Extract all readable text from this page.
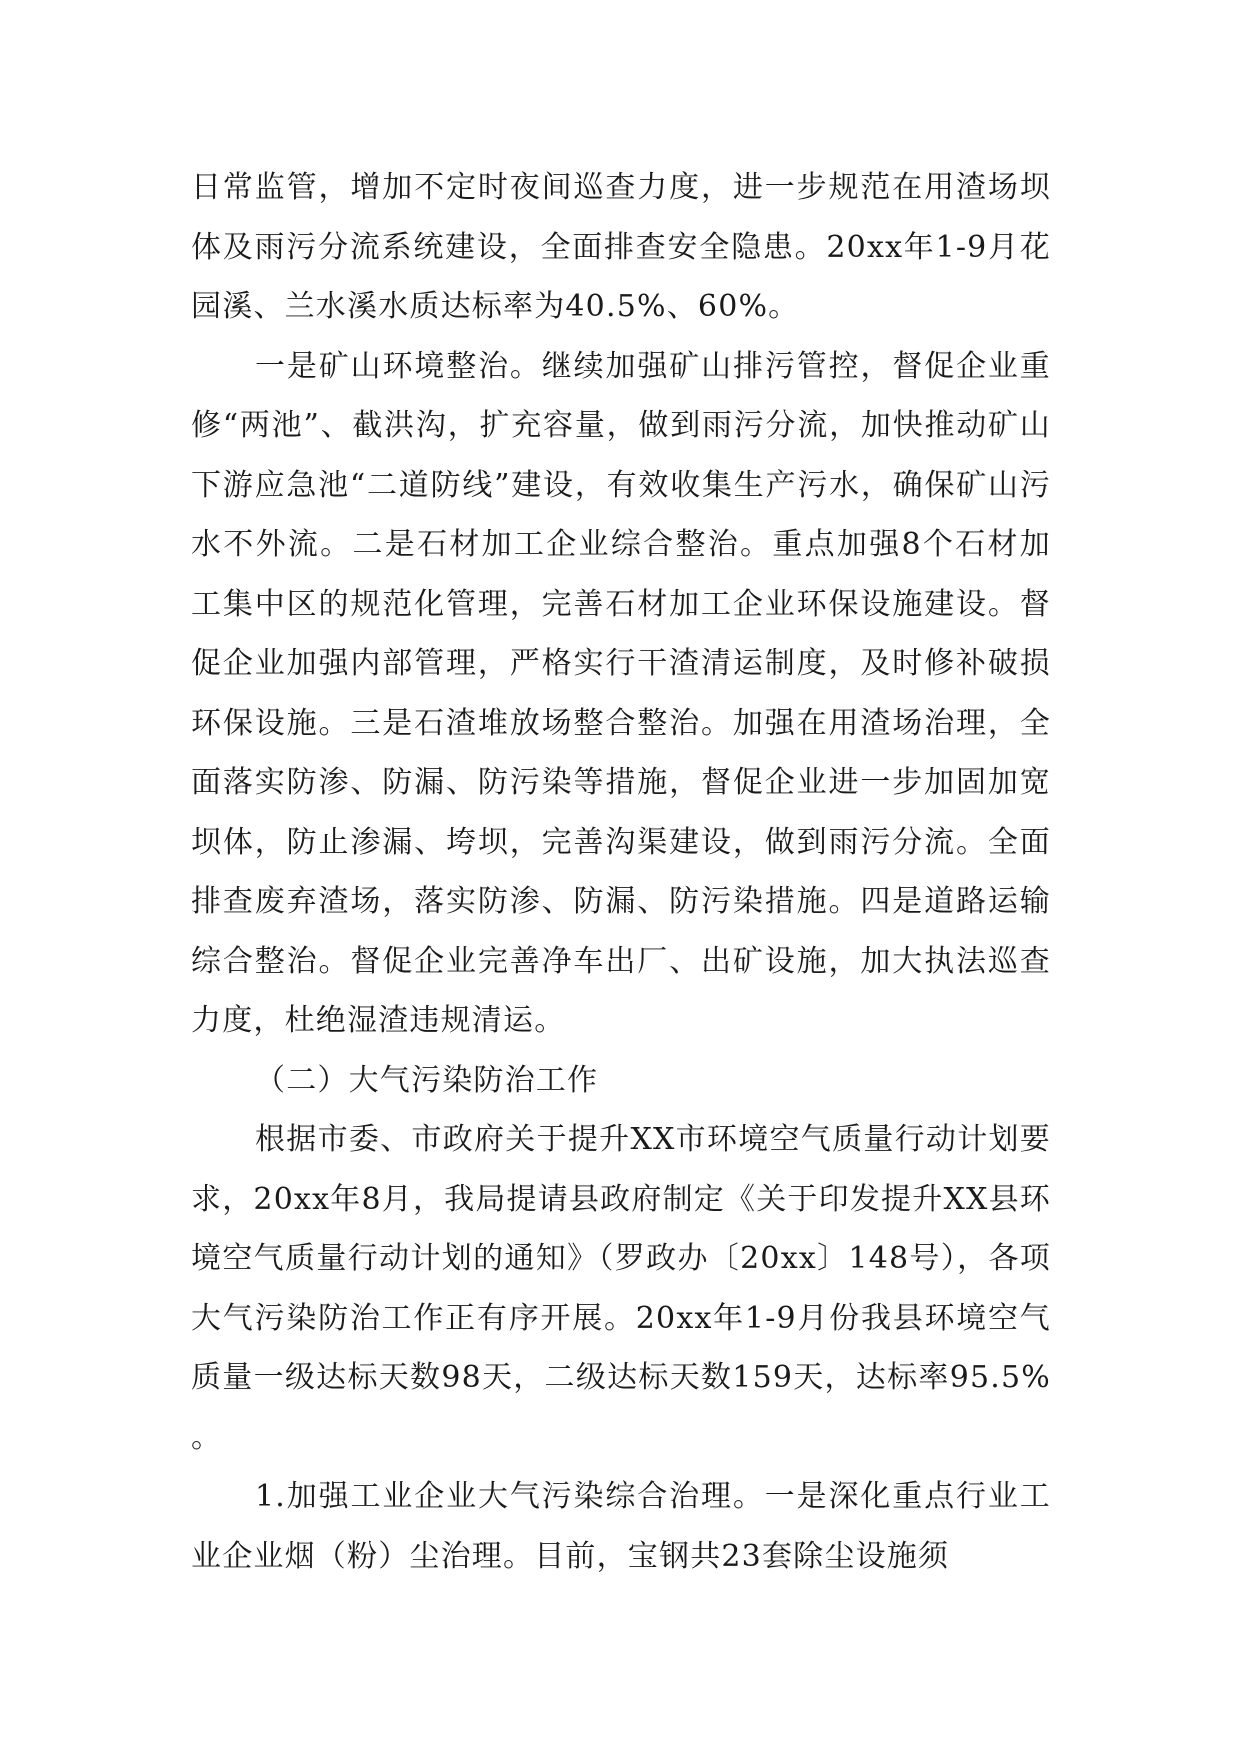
日常监管，增加不定时夜间巡查力度，进一步规范在用渣场坝体及雨污分流系统建设，全面排查安全隐患。20xx年1-9月花园溪、兰水溪水质达标率为40.5%、60%。

一是矿山环境整治。继续加强矿山排污管控，督促企业重修“两池”、截洪沟，扩充容量，做到雨污分流，加快推动矿山下游应急池“二道防线”建设，有效收集生产污水，确保矿山污水不外流。二是石材加工企业综合整治。重点加强8个石材加工集中区的规范化管理，完善石材加工企业环保设施建设。督促企业加强内部管理，严格实行干渣清运制度，及时修补破损环保设施。三是石渣堆放场整合整治。加强在用渣场治理，全面落实防渗、防漏、防污染等措施，督促企业进一步加固加宽坝体，防止渗漏、垮坝，完善沟渠建设，做到雨污分流。全面排查废弃渣场，落实防渗、防漏、防污染措施。四是道路运输综合整治。督促企业完善净车出厂、出矿设施，加大执法巡查力度，杜绝湿渣违规清运。

（二）大气污染防治工作

根据市委、市政府关于提升XX市环境空气质量行动计划要求，20xx年8月，我局提请县政府制定《关于印发提升XX县环境空气质量行动计划的通知》（罗政办〔20xx〕148号），各项大气污染防治工作正有序开展。20xx年1-9月份我县环境空气质量一级达标天数98天，二级达标天数159天，达标率95.5%。

1.加强工业企业大气污染综合治理。一是深化重点行业工业企业烟（粉）尘治理。目前，宝钢共23套除尘设施须
